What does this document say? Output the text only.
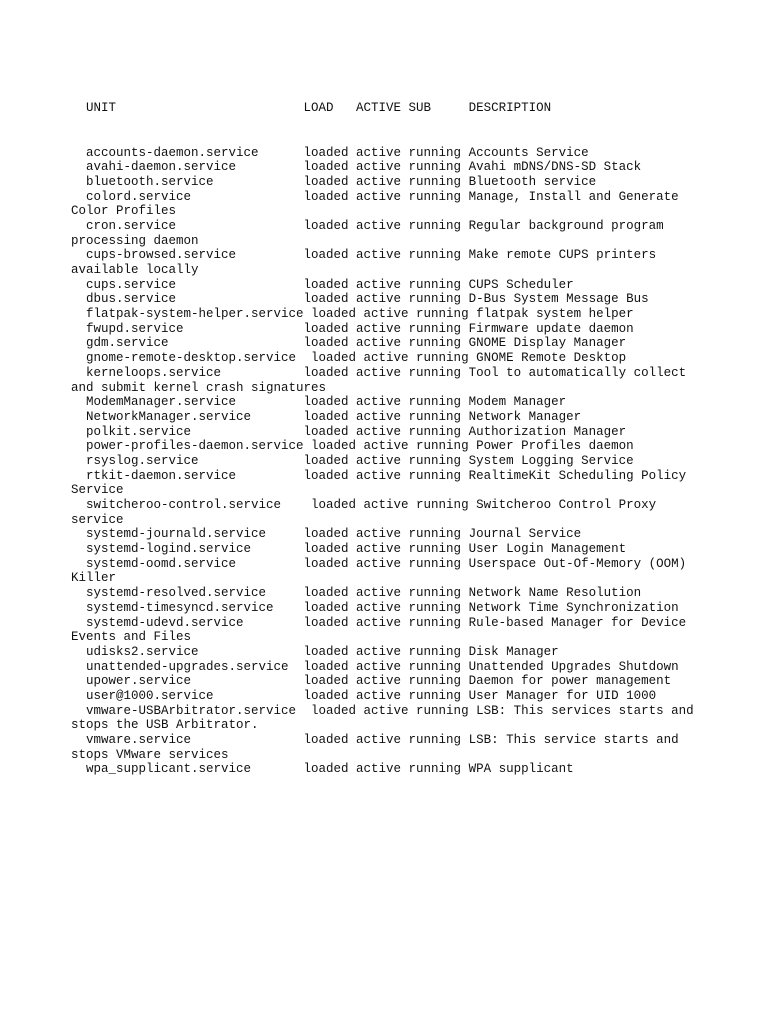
UNIT                         LOAD   ACTIVE SUB     DESCRIPTION

accounts-daemon.service      loaded active running Accounts Service
avahi-daemon.service         loaded active running Avahi mDNS/DNS-SD Stack
bluetooth.service            loaded active running Bluetooth service
colord.service               loaded active running Manage, Install and Generate
Color Profiles
cron.service                 loaded active running Regular background program
processing daemon
cups-browsed.service         loaded active running Make remote CUPS printers
available locally
cups.service                 loaded active running CUPS Scheduler
dbus.service                 loaded active running D-Bus System Message Bus
flatpak-system-helper.service loaded active running flatpak system helper
fwupd.service                loaded active running Firmware update daemon
gdm.service                  loaded active running GNOME Display Manager
gnome-remote-desktop.service  loaded active running GNOME Remote Desktop
kerneloops.service           loaded active running Tool to automatically collect
and submit kernel crash signatures
ModemManager.service         loaded active running Modem Manager
NetworkManager.service       loaded active running Network Manager
polkit.service               loaded active running Authorization Manager
power-profiles-daemon.service loaded active running Power Profiles daemon
rsyslog.service              loaded active running System Logging Service
rtkit-daemon.service         loaded active running RealtimeKit Scheduling Policy
Service
switcheroo-control.service    loaded active running Switcheroo Control Proxy
service
systemd-journald.service     loaded active running Journal Service
systemd-logind.service       loaded active running User Login Management
systemd-oomd.service         loaded active running Userspace Out-Of-Memory (OOM)
Killer
systemd-resolved.service     loaded active running Network Name Resolution
systemd-timesyncd.service    loaded active running Network Time Synchronization
systemd-udevd.service        loaded active running Rule-based Manager for Device
Events and Files
udisks2.service              loaded active running Disk Manager
unattended-upgrades.service  loaded active running Unattended Upgrades Shutdown
upower.service               loaded active running Daemon for power management
user@1000.service            loaded active running User Manager for UID 1000
vmware-USBArbitrator.service  loaded active running LSB: This services starts and
stops the USB Arbitrator.
vmware.service               loaded active running LSB: This service starts and
stops VMware services
wpa_supplicant.service       loaded active running WPA supplicant
